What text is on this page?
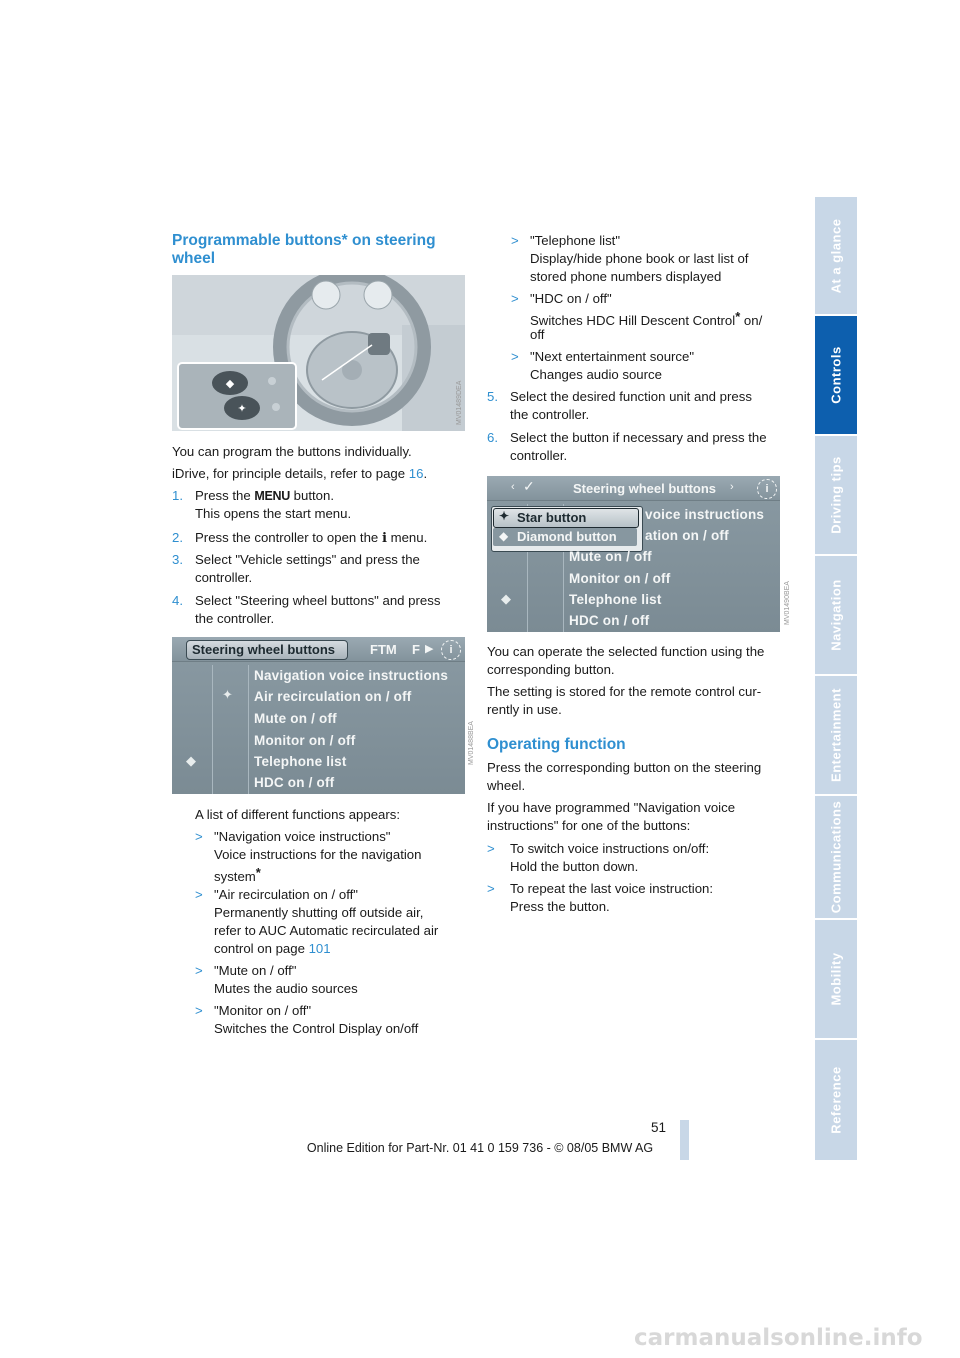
At a glance
Controls
Driving tips
Navigation
Entertainment
Communications
Mobility
Reference
Programmable buttons* on steering
wheel
◆
✦	MV01489DEA
You can program the buttons individually.
iDrive, for principle details, refer to page 16.
1. Press the MENU button.
This opens the start menu.
2. Press the controller to open the i menu.
3. Select "Vehicle settings" and press the
controller.
4. Select "Steering wheel buttons" and press
the controller.
Steering wheel buttons	FTM F ▶	i
✦
◆
Navigation voice instructions
Air recirculation on / off
Mute on / off
Monitor on / off
Telephone list
HDC on / off
MV01488BEA
A list of different functions appears:
> "Navigation voice instructions"
Voice instructions for the navigation
system*
> "Air recirculation on / off"
Permanently shutting off outside air,
refer to AUC Automatic recirculated air
control on page 101
> "Mute on / off"
Mutes the audio sources
> "Monitor on / off"
Switches the Control Display on/off
> "Telephone list"
Display/hide phone book or last list of
stored phone numbers displayed
> "HDC on / off"
Switches HDC Hill Descent Control* on/
off
> "Next entertainment source"
Changes audio source
5. Select the desired function unit and press
the controller.
6. Select the button if necessary and press the
controller.
‹ ✓	Steering wheel buttons ›	i
✦ Star button
◆ Diamond button
voice instructions
ation on / off
◆
Mute on / off
Monitor on / off
Telephone list
HDC on / off	MV01490BEA
You can operate the selected function using the
corresponding button.
The setting is stored for the remote control cur-
rently in use.
Operating function
Press the corresponding button on the steering
wheel.
If you have programmed "Navigation voice
instructions" for one of the buttons:
> To switch voice instructions on/off:
Hold the button down.
> To repeat the last voice instruction:
Press the button.
51
Online Edition for Part-Nr. 01 41 0 159 736 - © 08/05 BMW AG
carmanualsonline.info
